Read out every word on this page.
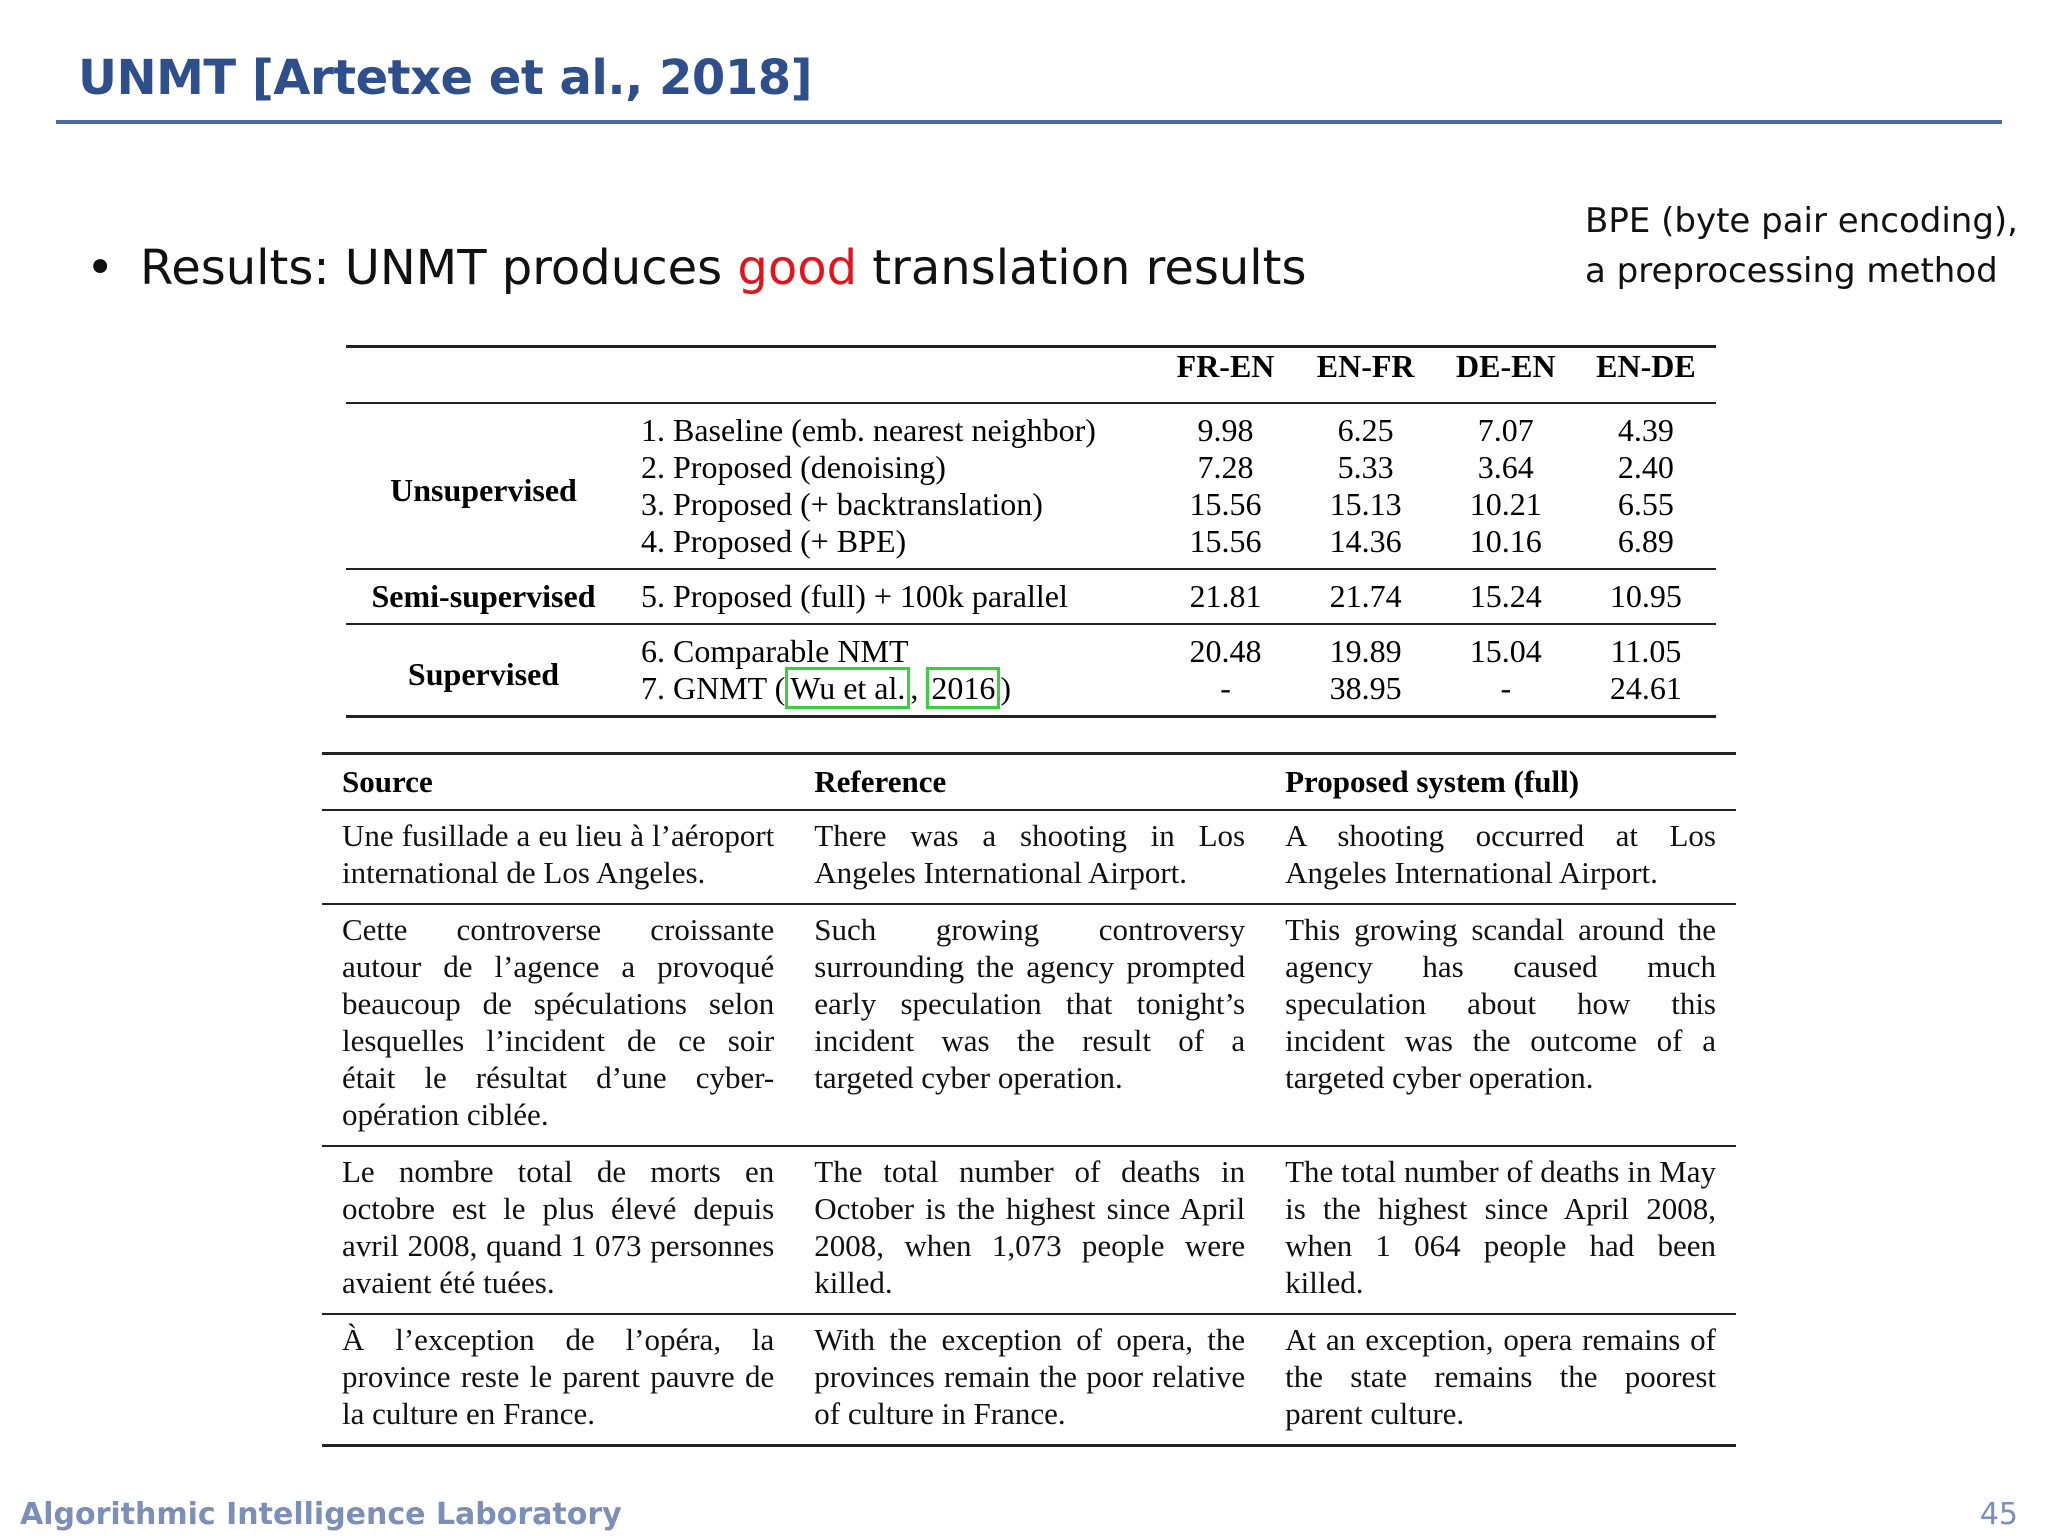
UNMT [Artetxe et al., 2018]
• Results: UNMT produces good translation results
BPE (byte pair encoding),
a preprocessing method
		FR-EN	EN-FR	DE-EN	EN-DE
Unsupervised	1. Baseline (emb. nearest neighbor)	9.98	6.25	7.07	4.39
	2. Proposed (denoising)	7.28	5.33	3.64	2.40
	3. Proposed (+ backtranslation)	15.56	15.13	10.21	6.55
	4. Proposed (+ BPE)	15.56	14.36	10.16	6.89
Semi-supervised	5. Proposed (full) + 100k parallel	21.81	21.74	15.24	10.95
Supervised	6. Comparable NMT	20.48	19.89	15.04	11.05
	7. GNMT ( Wu et al. , 2016 )	-	38.95	-	24.61
Source	Reference	Proposed system (full)
Une fusillade a eu lieu à l’aéroport international de Los Angeles.	There was a shooting in Los Angeles International Airport.	A shooting occurred at Los Angeles International Airport.
Cette controverse croissante autour de l’agence a provoqué beaucoup de spéculations selon lesquelles l’incident de ce soir était le résultat d’une cyber-opération ciblée.	Such growing controversy surrounding the agency prompted early speculation that tonight’s incident was the result of a targeted cyber operation.	This growing scandal around the agency has caused much speculation about how this incident was the outcome of a targeted cyber operation.
Le nombre total de morts en octobre est le plus élevé depuis avril 2008, quand 1 073 personnes avaient été tuées.	The total number of deaths in October is the highest since April 2008, when 1,073 people were killed.	The total number of deaths in May is the highest since April 2008, when 1 064 people had been killed.
À l’exception de l’opéra, la province reste le parent pauvre de la culture en France.	With the exception of opera, the provinces remain the poor relative of culture in France.	At an exception, opera remains of the state remains the poorest parent culture.
Algorithmic Intelligence Laboratory	45
